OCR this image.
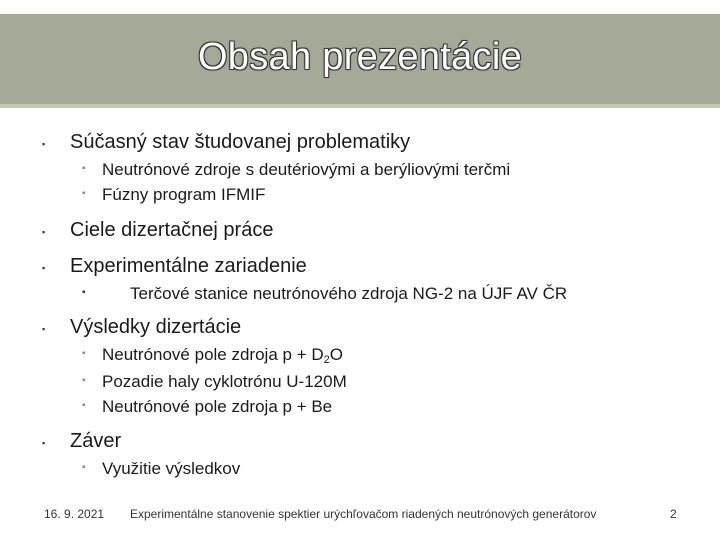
Obsah prezentácie
▪ Súčasný stav študovanej problematiky
▪ Neutrónové zdroje s deutériovými a berýliovými terčmi
▪ Fúzny program IFMIF
▪ Ciele dizertačnej práce
▪ Experimentálne zariadenie
▪	Terčové stanice neutrónového zdroja NG-2 na ÚJF AV ČR
▪ Výsledky dizertácie
▪ Neutrónové pole zdroja $p + D_2O$
▪ Pozadie haly cyklotrónu U-120M
▪ Neutrónové pole zdroja p + Be
▪ Záver
▪ Využitie výsledkov
16. 9. 2021 Experimentálne stanovenie spektier urýchľovačom riadených neutrónových generátorov	2
